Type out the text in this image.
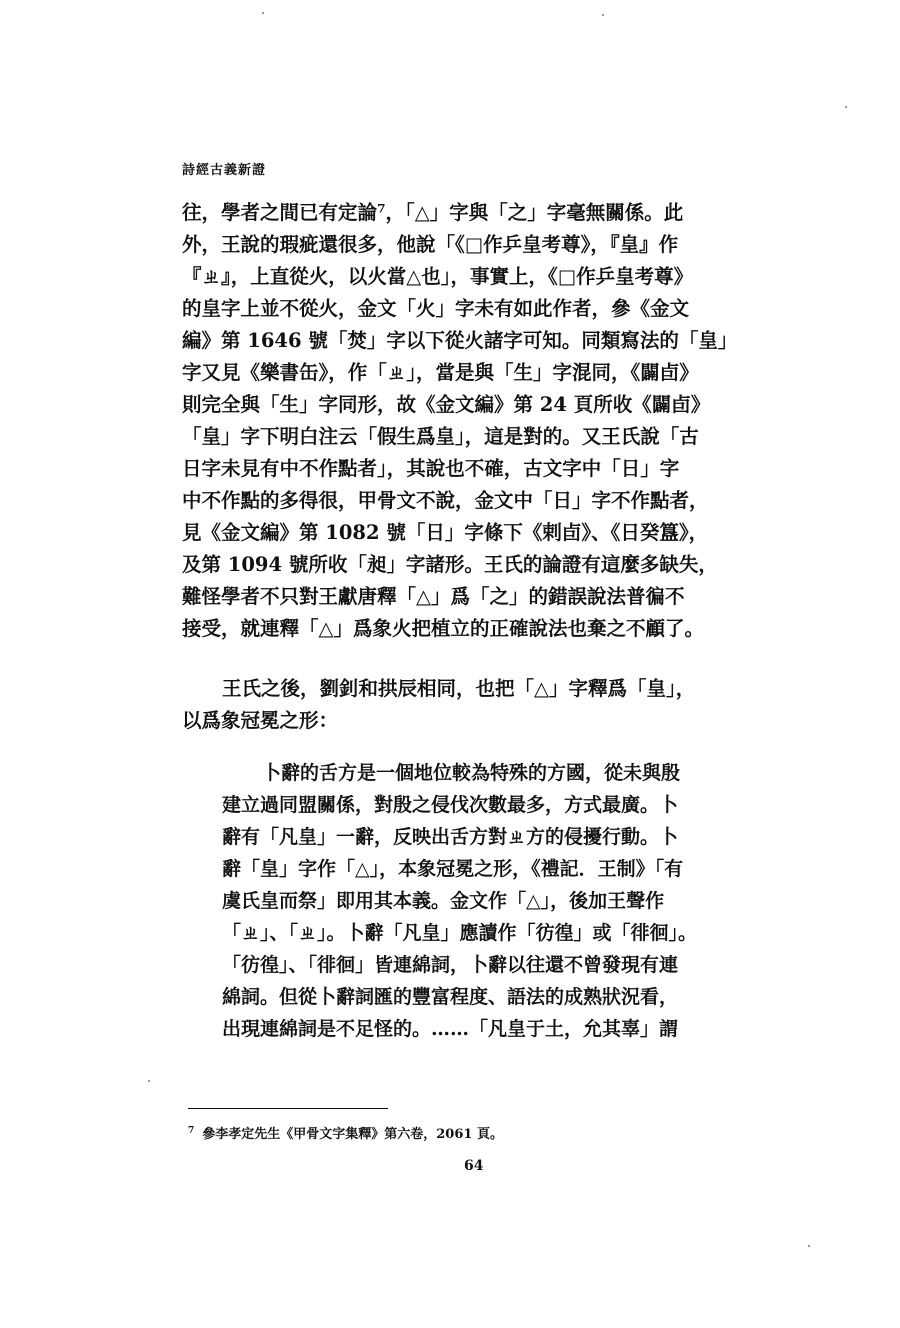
詩經古義新證
往，學者之間已有定論⁷，「△」字與「之」字毫無關係。此
外，王說的瑕疵還很多，他說「《□作乒皇考尊》，『皇』作
『ㄓ』，上直從火，以火當△也」，事實上，《□作乒皇考尊》
的皇字上並不從火，金文「火」字未有如此作者，參《金文
編》第 1646 號「焚」字以下從火諸字可知。同類寫法的「皇」
字又見《樂書缶》，作「ㄓ」，當是與「生」字混同，《闢卣》
則完全與「生」字同形，故《金文編》第 24 頁所收《闢卣》
「皇」字下明白注云「假生爲皇」，這是對的。又王氏說「古
日字未見有中不作點者」，其說也不確，古文字中「日」字
中不作點的多得很，甲骨文不說，金文中「日」字不作點者，
見《金文編》第 1082 號「日」字條下《剌卣》、《日癸簋》，
及第 1094 號所收「昶」字諸形。王氏的論證有這麼多缺失，
難怪學者不只對王獻唐釋「△」爲「之」的錯誤說法普徧不
接受，就連釋「△」爲象火把植立的正確說法也棄之不顧了。
王氏之後，劉釗和拱辰相同，也把「△」字釋爲「皇」，
以爲象冠冕之形：
卜辭的舌方是一個地位較為特殊的方國，從未與殷
建立過同盟關係，對殷之侵伐次數最多，方式最廣。卜
辭有「凡皇」一辭，反映出舌方對ㄓ方的侵擾行動。卜
辭「皇」字作「△」，本象冠冕之形，《禮記．王制》「有
虞氏皇而祭」即用其本義。金文作「△」，後加王聲作
「ㄓ」、「ㄓ」。卜辭「凡皇」應讀作「彷徨」或「徘徊」。
「彷徨」、「徘徊」皆連綿詞，卜辭以往還不曾發現有連
綿詞。但從卜辭詞匯的豐富程度、語法的成熟狀況看，
出現連綿詞是不足怪的。……「凡皇于土，允其辜」謂
$^7$ 參李孝定先生《甲骨文字集釋》第六卷，2061 頁。
64
